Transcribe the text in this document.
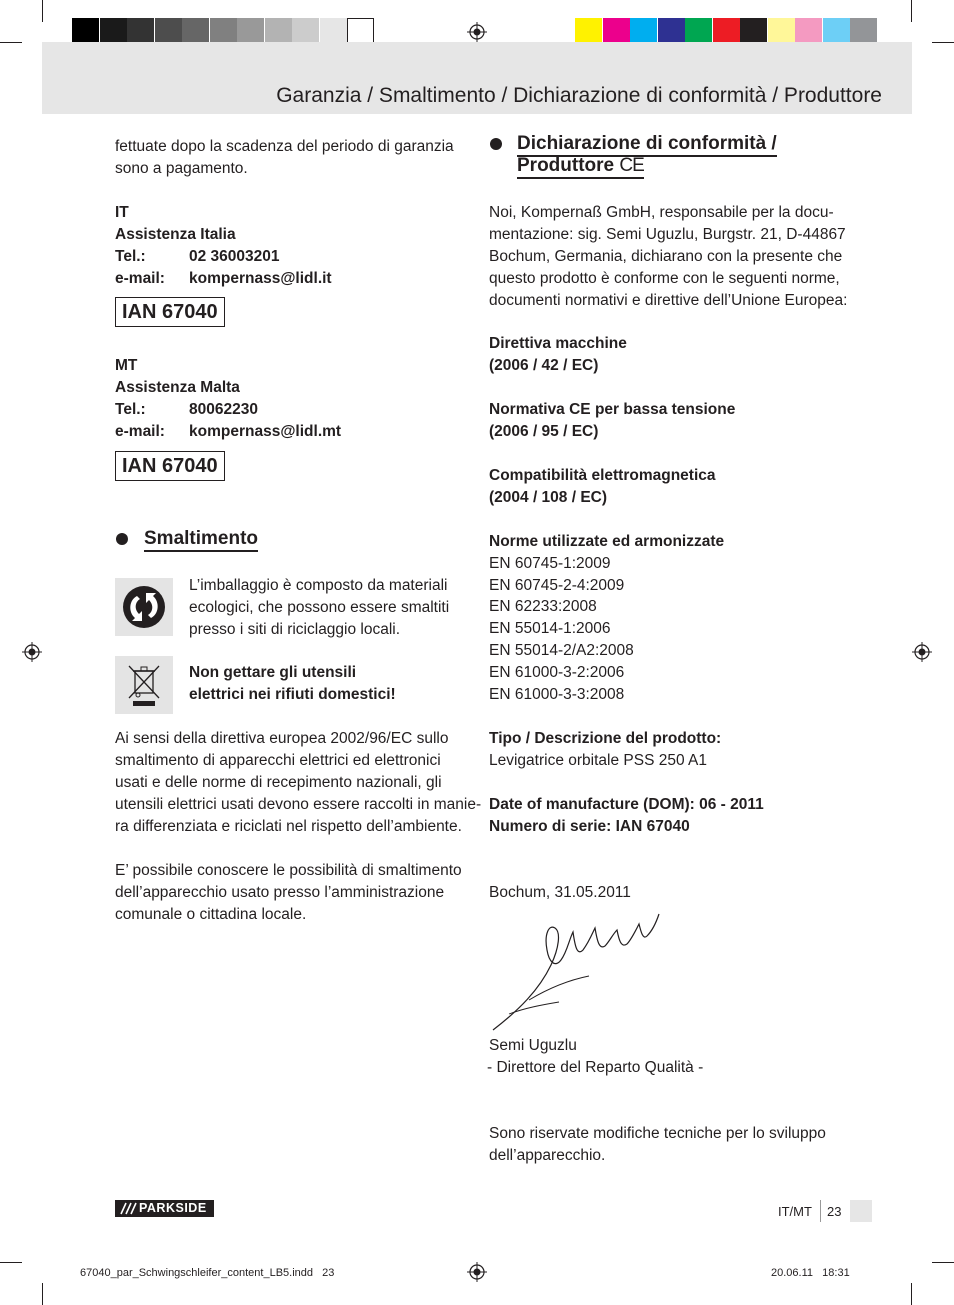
Garanzia / Smaltimento / Dichiarazione di conformità / Produttore
fettuate dopo la scadenza del periodo di garanzia
sono a pagamento.
IT
Assistenza Italia
Tel.:	02 36003201
e-mail: kompernass@lidl.it
IAN 67040
MT
Assistenza Malta
Tel.:	80062230
e-mail: kompernass@lidl.mt
IAN 67040
Smaltimento
L’imballaggio è composto da materiali
ecologici, che possono essere smaltiti
presso i siti di riciclaggio locali.
Non gettare gli utensili
elettrici nei rifiuti domestici!
Ai sensi della direttiva europea 2002/96/EC sullo
smaltimento di apparecchi elettrici ed elettronici
usati e delle norme di recepimento nazionali, gli
utensili elettrici usati devono essere raccolti in manie-
ra differenziata e riciclati nel rispetto dell’ambiente.
E’ possibile conoscere le possibilità di smaltimento
dell’apparecchio usato presso l’amministrazione
comunale o cittadina locale.
Dichiarazione di conformità /
Produttore CE
Noi, Kompernaß GmbH, responsabile per la docu-
mentazione: sig. Semi Uguzlu, Burgstr. 21, D-44867
Bochum, Germania, dichiarano con la presente che
questo prodotto è conforme con le seguenti norme,
documenti normativi e direttive dell’Unione Europea:
Direttiva macchine
(2006 / 42 / EC)
Normativa CE per bassa tensione
(2006 / 95 / EC)
Compatibilità elettromagnetica
(2004 / 108 / EC)
Norme utilizzate ed armonizzate
EN 60745-1:2009
EN 60745-2-4:2009
EN 62233:2008
EN 55014-1:2006
EN 55014-2/A2:2008
EN 61000-3-2:2006
EN 61000-3-3:2008
Tipo / Descrizione del prodotto:
Levigatrice orbitale PSS 250 A1
Date of manufacture (DOM): 06 - 2011
Numero di serie: IAN 67040
Bochum, 31.05.2011
Semi Uguzlu
- Direttore del Reparto Qualità -
Sono riservate modifiche tecniche per lo sviluppo
dell’apparecchio.
PARKSIDE	IT/MT 23
67040_par_Schwingschleifer_content_LB5.indd   23	20.06.11   18:31
